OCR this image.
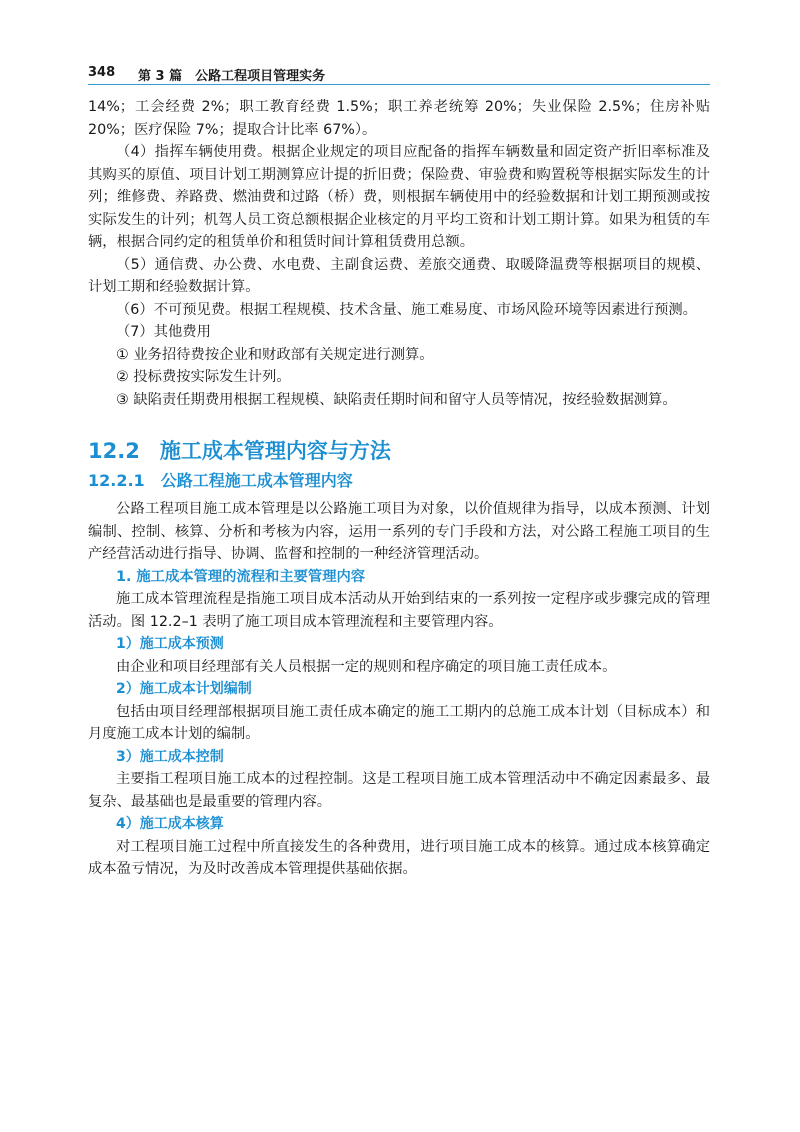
348 第 3 篇　公路工程项目管理实务

14%；工会经费 2%；职工教育经费 1.5%；职工养老统筹 20%；失业保险 2.5%；住房补贴 20%；医疗保险 7%；提取合计比率 67%）。

（4）指挥车辆使用费。根据企业规定的项目应配备的指挥车辆数量和固定资产折旧率标准及其购买的原值、项目计划工期测算应计提的折旧费；保险费、审验费和购置税等根据实际发生的计列；维修费、养路费、燃油费和过路（桥）费，则根据车辆使用中的经验数据和计划工期预测或按实际发生的计列；机驾人员工资总额根据企业核定的月平均工资和计划工期计算。如果为租赁的车辆，根据合同约定的租赁单价和租赁时间计算租赁费用总额。

（5）通信费、办公费、水电费、主副食运费、差旅交通费、取暖降温费等根据项目的规模、计划工期和经验数据计算。

（6）不可预见费。根据工程规模、技术含量、施工难易度、市场风险环境等因素进行预测。

（7）其他费用

① 业务招待费按企业和财政部有关规定进行测算。

② 投标费按实际发生计列。

③ 缺陷责任期费用根据工程规模、缺陷责任期时间和留守人员等情况，按经验数据测算。

12.2 施工成本管理内容与方法
12.2.1 公路工程施工成本管理内容

公路工程项目施工成本管理是以公路施工项目为对象，以价值规律为指导，以成本预测、计划编制、控制、核算、分析和考核为内容，运用一系列的专门手段和方法，对公路工程施工项目的生产经营活动进行指导、协调、监督和控制的一种经济管理活动。

1. 施工成本管理的流程和主要管理内容

施工成本管理流程是指施工项目成本活动从开始到结束的一系列按一定程序或步骤完成的管理活动。图 12.2–1 表明了施工项目成本管理流程和主要管理内容。

1）施工成本预测

由企业和项目经理部有关人员根据一定的规则和程序确定的项目施工责任成本。

2）施工成本计划编制

包括由项目经理部根据项目施工责任成本确定的施工工期内的总施工成本计划（目标成本）和月度施工成本计划的编制。

3）施工成本控制

主要指工程项目施工成本的过程控制。这是工程项目施工成本管理活动中不确定因素最多、最复杂、最基础也是最重要的管理内容。

4）施工成本核算

对工程项目施工过程中所直接发生的各种费用，进行项目施工成本的核算。通过成本核算确定成本盈亏情况，为及时改善成本管理提供基础依据。
